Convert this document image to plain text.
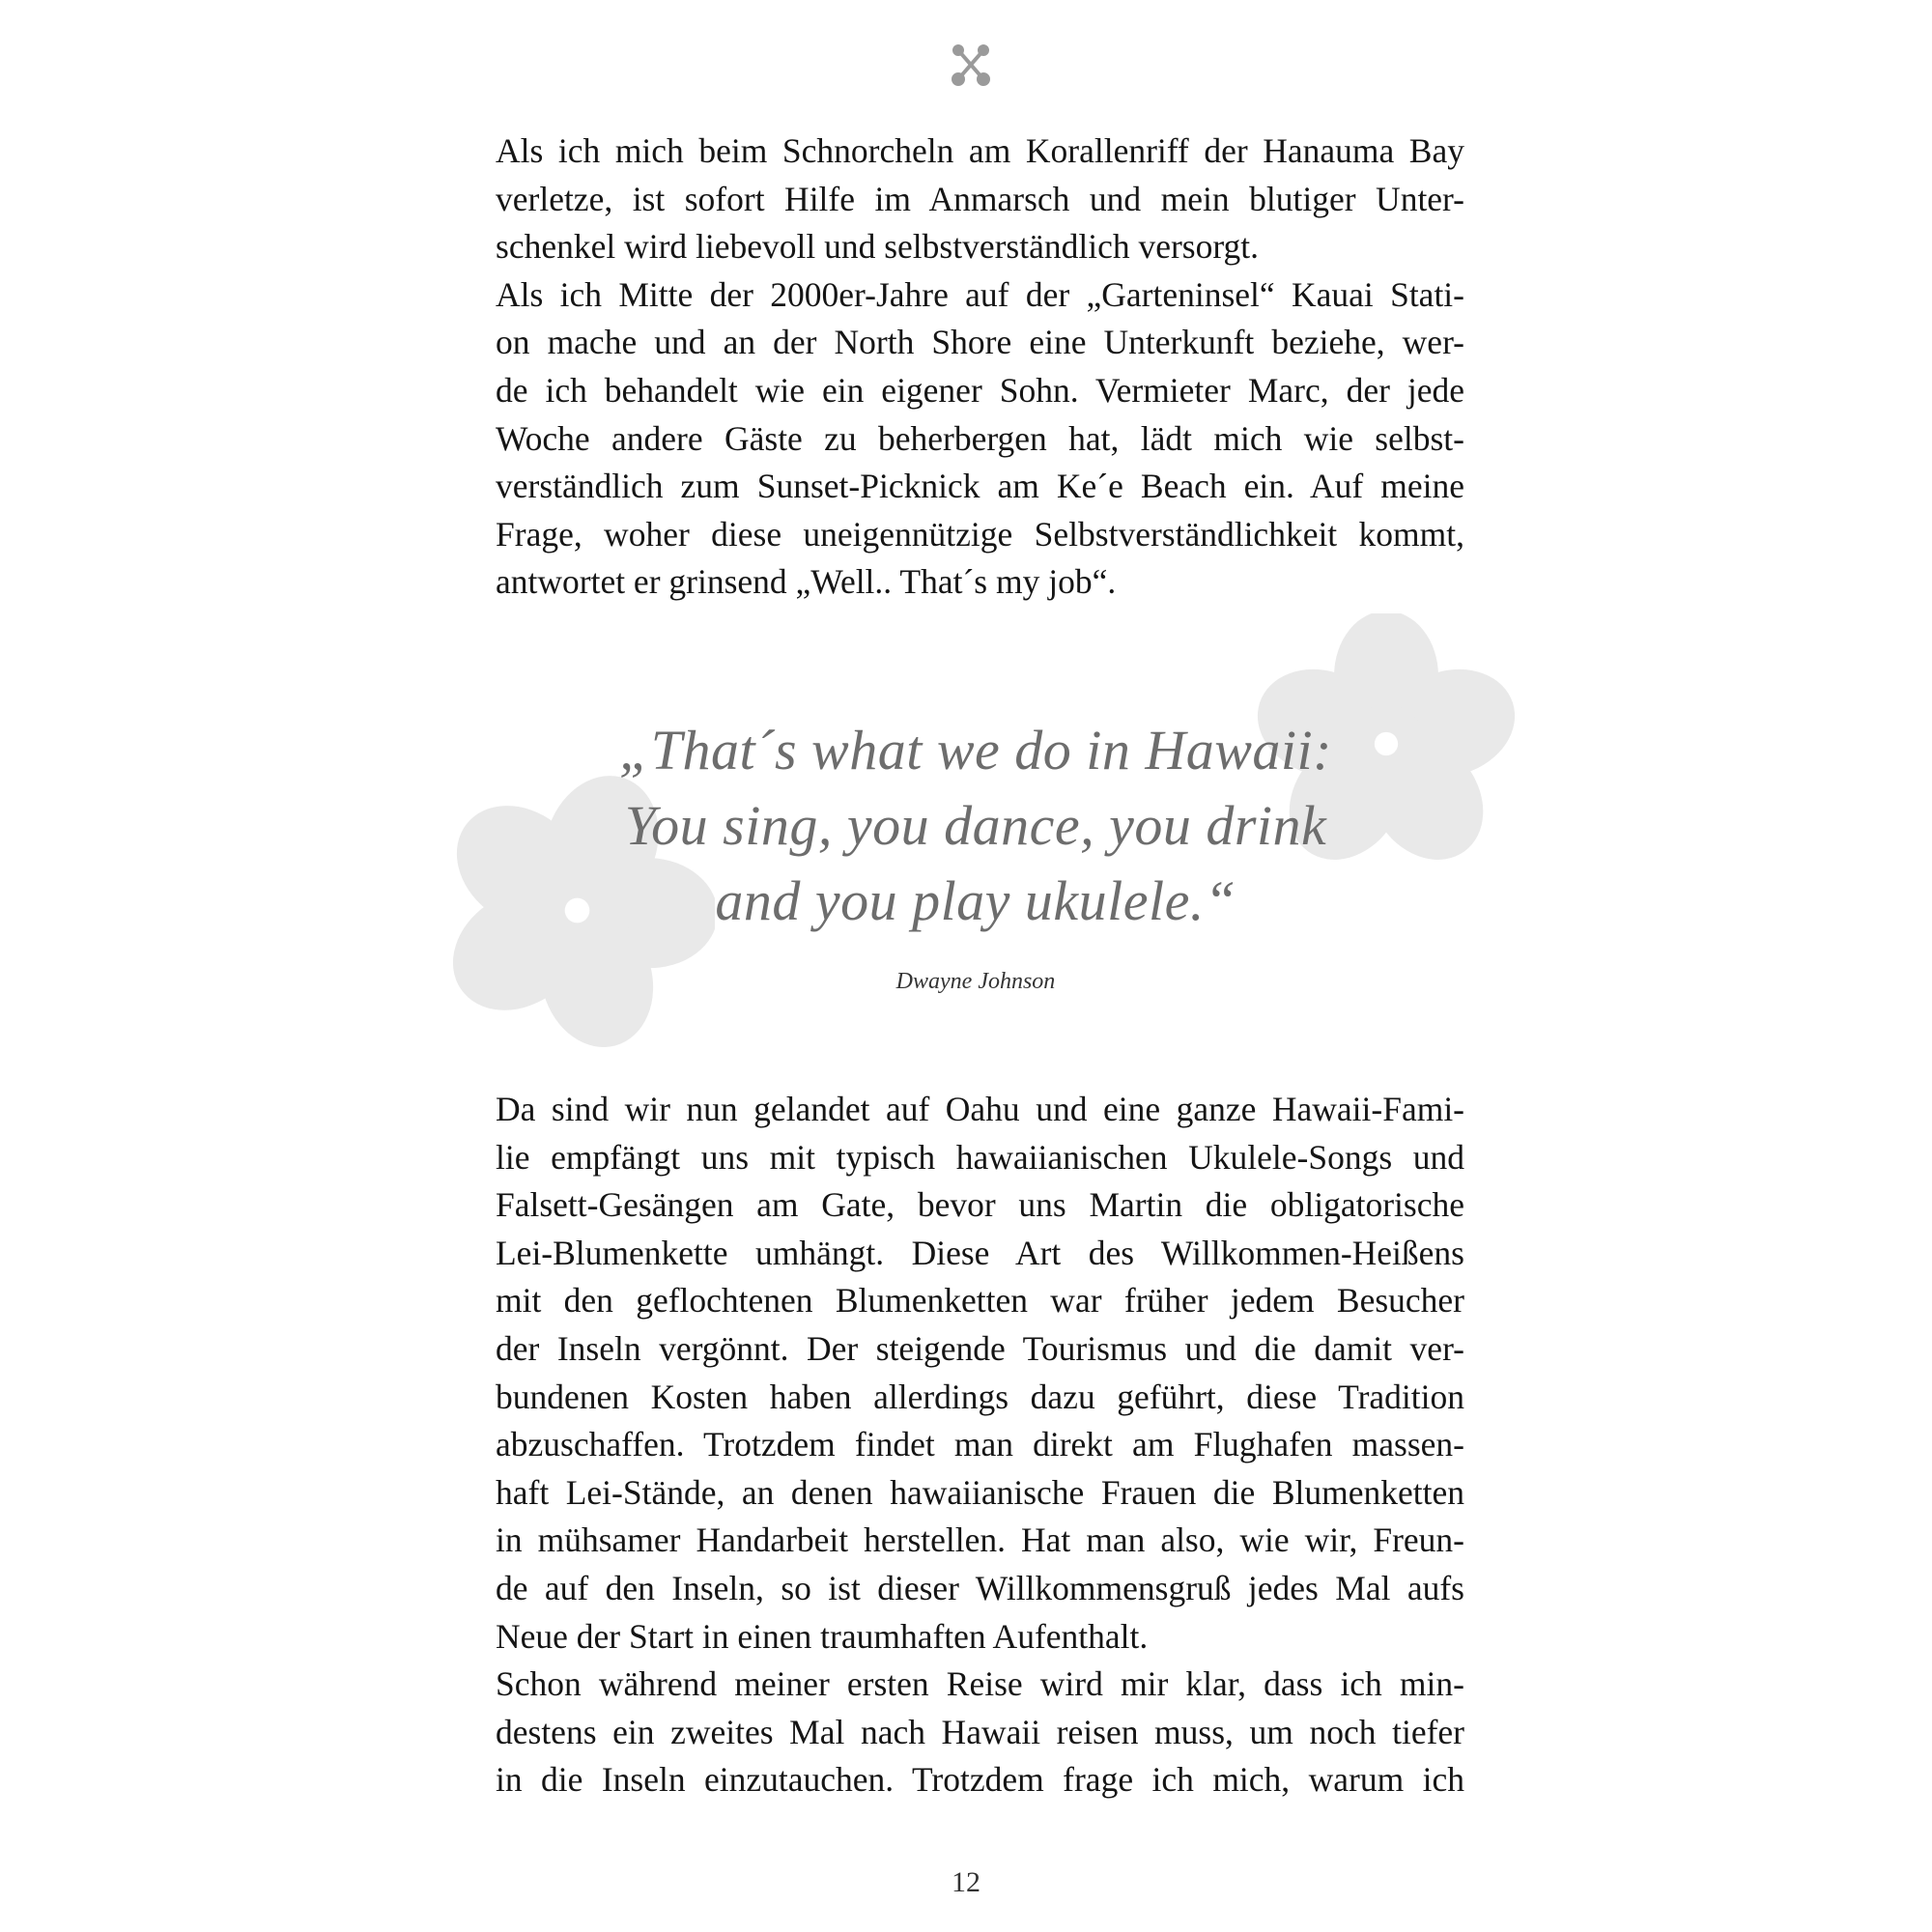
Als ich mich beim Schnorcheln am Korallenriff der Hanauma Bay
verletze, ist sofort Hilfe im Anmarsch und mein blutiger Unter-
schenkel wird liebevoll und selbstverständlich versorgt.

Als ich Mitte der 2000er-Jahre auf der „Garteninsel“ Kauai Stati-
on mache und an der North Shore eine Unterkunft beziehe, wer-
de ich behandelt wie ein eigener Sohn. Vermieter Marc, der jede
Woche andere Gäste zu beherbergen hat, lädt mich wie selbst-
verständlich zum Sunset-Picknick am Ke´e Beach ein. Auf meine
Frage, woher diese uneigennützige Selbstverständlichkeit kommt,
antwortet er grinsend „Well.. That´s my job“.

„That´s what we do in Hawaii:
You sing, you dance, you drink
and you play ukulele.“
Dwayne Johnson

Da sind wir nun gelandet auf Oahu und eine ganze Hawaii-Fami-
lie empfängt uns mit typisch hawaiianischen Ukulele-Songs und
Falsett-Gesängen am Gate, bevor uns Martin die obligatorische
Lei-Blumenkette umhängt. Diese Art des Willkommen-Heißens
mit den geflochtenen Blumenketten war früher jedem Besucher
der Inseln vergönnt. Der steigende Tourismus und die damit ver-
bundenen Kosten haben allerdings dazu geführt, diese Tradition
abzuschaffen. Trotzdem findet man direkt am Flughafen massen-
haft Lei-Stände, an denen hawaiianische Frauen die Blumenketten
in mühsamer Handarbeit herstellen. Hat man also, wie wir, Freun-
de auf den Inseln, so ist dieser Willkommensgruß jedes Mal aufs
Neue der Start in einen traumhaften Aufenthalt.

Schon während meiner ersten Reise wird mir klar, dass ich min-
destens ein zweites Mal nach Hawaii reisen muss, um noch tiefer
in die Inseln einzutauchen. Trotzdem frage ich mich, warum ich

12
